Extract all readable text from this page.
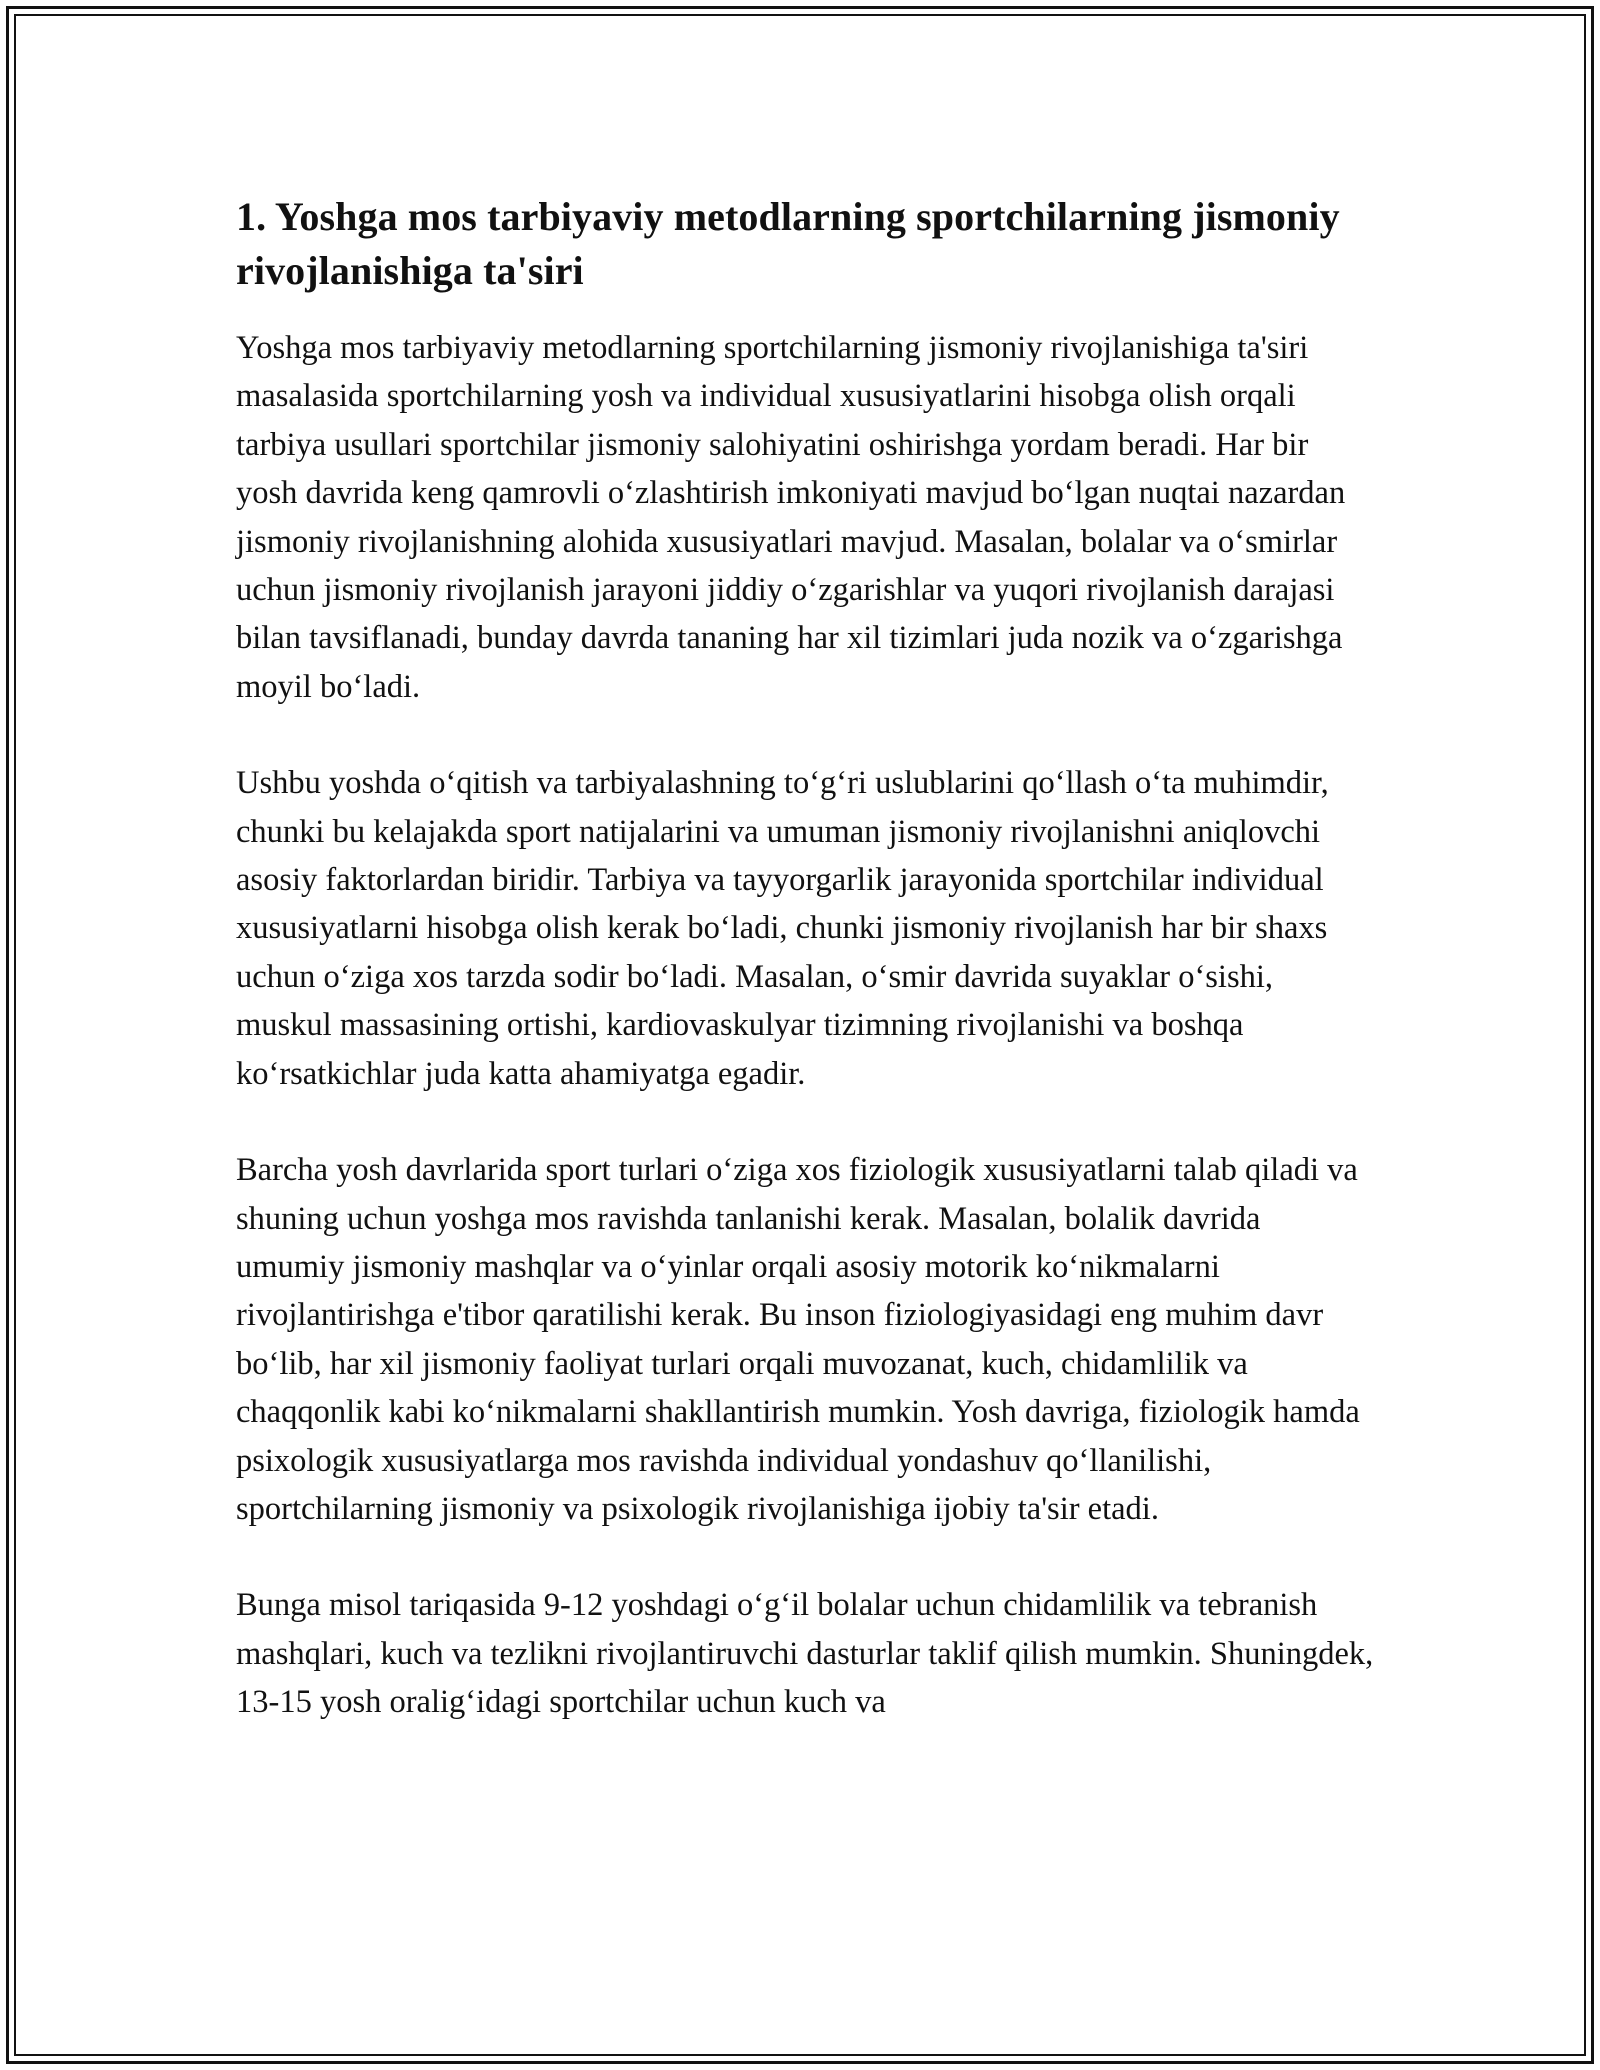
1. Yoshga mos tarbiyaviy metodlarning sportchilarning jismoniy rivojlanishiga ta'siri

Yoshga mos tarbiyaviy metodlarning sportchilarning jismoniy rivojlanishiga ta'siri masalasida sportchilarning yosh va individual xususiyatlarini hisobga olish orqali tarbiya usullari sportchilar jismoniy salohiyatini oshirishga yordam beradi. Har bir yosh davrida keng qamrovli o‘zlashtirish imkoniyati mavjud bo‘lgan nuqtai nazardan jismoniy rivojlanishning alohida xususiyatlari mavjud. Masalan, bolalar va o‘smirlar uchun jismoniy rivojlanish jarayoni jiddiy o‘zgarishlar va yuqori rivojlanish darajasi bilan tavsiflanadi, bunday davrda tananing har xil tizimlari juda nozik va o‘zgarishga moyil bo‘ladi.

Ushbu yoshda o‘qitish va tarbiyalashning to‘g‘ri uslublarini qo‘llash o‘ta muhimdir, chunki bu kelajakda sport natijalarini va umuman jismoniy rivojlanishni aniqlovchi asosiy faktorlardan biridir. Tarbiya va tayyorgarlik jarayonida sportchilar individual xususiyatlarni hisobga olish kerak bo‘ladi, chunki jismoniy rivojlanish har bir shaxs uchun o‘ziga xos tarzda sodir bo‘ladi. Masalan, o‘smir davrida suyaklar o‘sishi, muskul massasining ortishi, kardiovaskulyar tizimning rivojlanishi va boshqa ko‘rsatkichlar juda katta ahamiyatga egadir.

Barcha yosh davrlarida sport turlari o‘ziga xos fiziologik xususiyatlarni talab qiladi va shuning uchun yoshga mos ravishda tanlanishi kerak. Masalan, bolalik davrida umumiy jismoniy mashqlar va o‘yinlar orqali asosiy motorik ko‘nikmalarni rivojlantirishga e'tibor qaratilishi kerak. Bu inson fiziologiyasidagi eng muhim davr bo‘lib, har xil jismoniy faoliyat turlari orqali muvozanat, kuch, chidamlilik va chaqqonlik kabi ko‘nikmalarni shakllantirish mumkin. Yosh davriga, fiziologik hamda psixologik xususiyatlarga mos ravishda individual yondashuv qo‘llanilishi, sportchilarning jismoniy va psixologik rivojlanishiga ijobiy ta'sir etadi.

Bunga misol tariqasida 9-12 yoshdagi o‘g‘il bolalar uchun chidamlilik va tebranish mashqlari, kuch va tezlikni rivojlantiruvchi dasturlar taklif qilish mumkin. Shuningdek, 13-15 yosh oralig‘idagi sportchilar uchun kuch va
